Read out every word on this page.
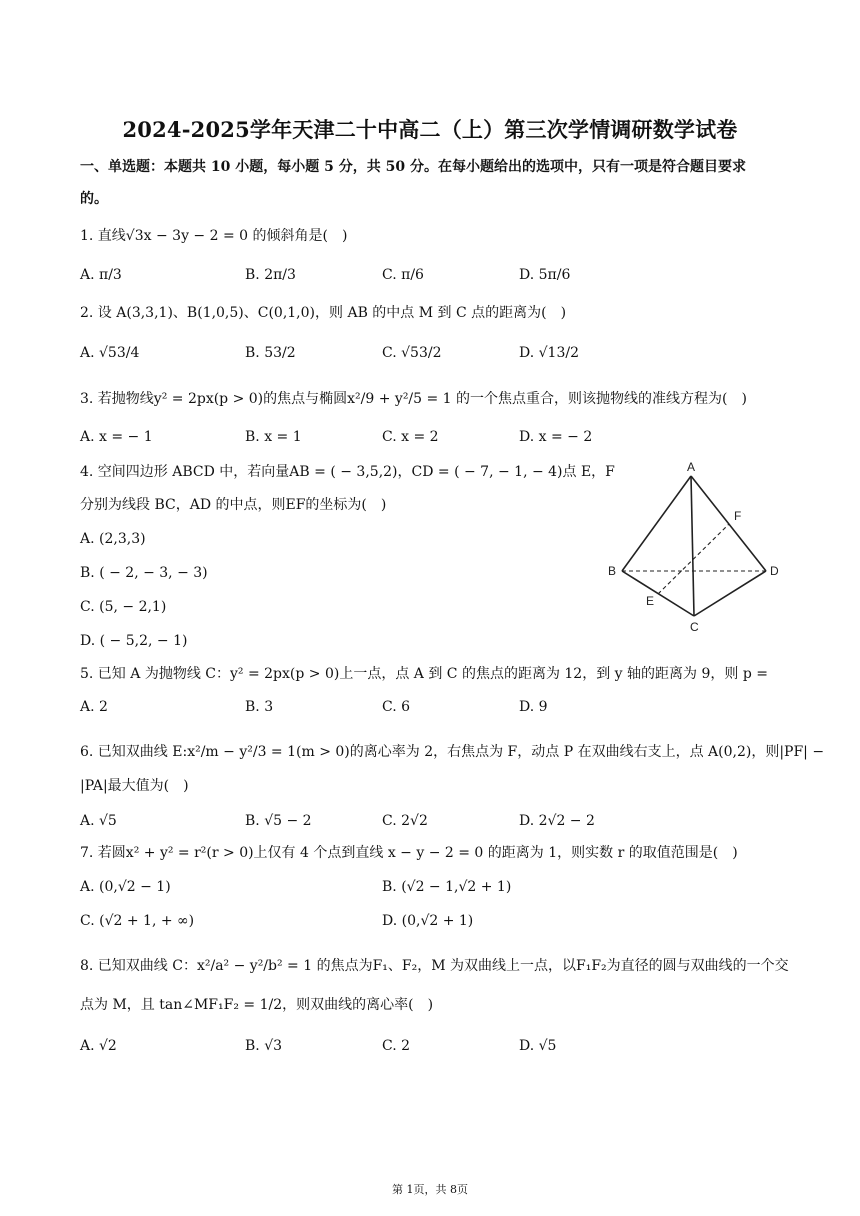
2024-2025学年天津二十中高二（上）第三次学情调研数学试卷
一、单选题：本题共 10 小题，每小题 5 分，共 50 分。在每小题给出的选项中，只有一项是符合题目要求
的。
1. 直线√3x − 3y − 2 = 0 的倾斜角是(　)
A. π/3	B. 2π/3	C. π/6	D. 5π/6
2. 设 A(3,3,1)、B(1,0,5)、C(0,1,0)，则 AB 的中点 M 到 C 点的距离为(　)
A. √53/4	B. 53/2	C. √53/2	D. √13/2
3. 若抛物线y² = 2px(p > 0)的焦点与椭圆x²/9 + y²/5 = 1 的一个焦点重合，则该抛物线的准线方程为(　)
A. x = − 1	B. x = 1	C. x = 2	D. x = − 2
4. 空间四边形 ABCD 中，若向量AB = ( − 3,5,2)，CD = ( − 7, − 1, − 4)点 E，F
分别为线段 BC，AD 的中点，则EF的坐标为(　)
A. (2,3,3)
B. ( − 2, − 3, − 3)
C. (5, − 2,1)
D. ( − 5,2, − 1)
A
B
C
D
E
F
5. 已知 A 为抛物线 C：y² = 2px(p > 0)上一点，点 A 到 C 的焦点的距离为 12，到 y 轴的距离为 9，则 p =
A. 2	B. 3	C. 6	D. 9
6. 已知双曲线 E:x²/m − y²/3 = 1(m > 0)的离心率为 2，右焦点为 F，动点 P 在双曲线右支上，点 A(0,2)，则|PF| −
|PA|最大值为(　)
A. √5	B. √5 − 2	C. 2√2	D. 2√2 − 2
7. 若圆x² + y² = r²(r > 0)上仅有 4 个点到直线 x − y − 2 = 0 的距离为 1，则实数 r 的取值范围是(　)
A. (0,√2 − 1)	B. (√2 − 1,√2 + 1)
C. (√2 + 1, + ∞)	D. (0,√2 + 1)
8. 已知双曲线 C：x²/a² − y²/b² = 1 的焦点为F₁、F₂，M 为双曲线上一点，以F₁F₂为直径的圆与双曲线的一个交
点为 M，且 tan∠MF₁F₂ = 1/2，则双曲线的离心率(　)
A. √2	B. √3	C. 2	D. √5
第 1页，共 8页
